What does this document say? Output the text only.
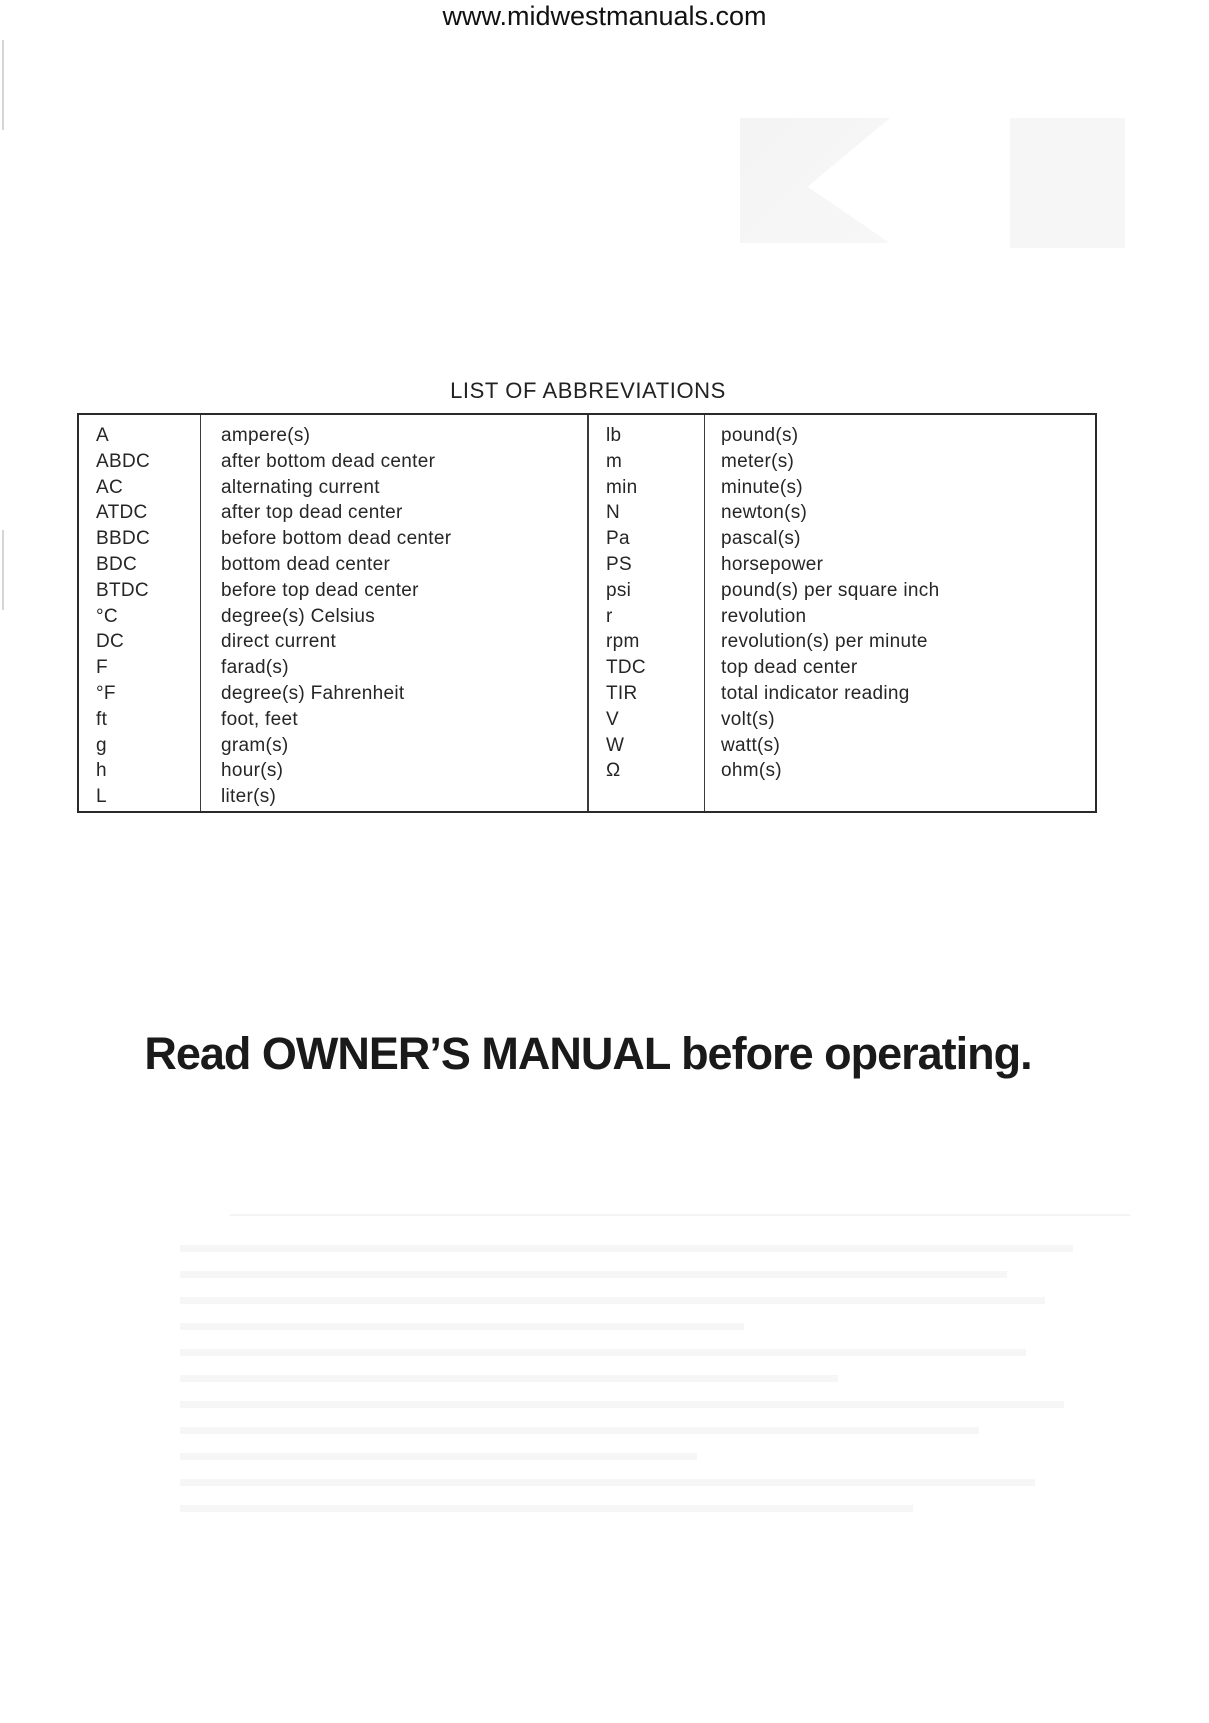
www.midwestmanuals.com
LIST OF ABBREVIATIONS
A
ABDC
AC
ATDC
BBDC
BDC
BTDC
°C
DC
F
°F
ft
g
h
L
ampere(s)
after bottom dead center
alternating current
after top dead center
before bottom dead center
bottom dead center
before top dead center
degree(s) Celsius
direct current
farad(s)
degree(s) Fahrenheit
foot, feet
gram(s)
hour(s)
liter(s)
lb
m
min
N
Pa
PS
psi
r
rpm
TDC
TIR
V
W
Ω
pound(s)
meter(s)
minute(s)
newton(s)
pascal(s)
horsepower
pound(s) per square inch
revolution
revolution(s) per minute
top dead center
total indicator reading
volt(s)
watt(s)
ohm(s)
Read OWNER’S MANUAL before operating.
